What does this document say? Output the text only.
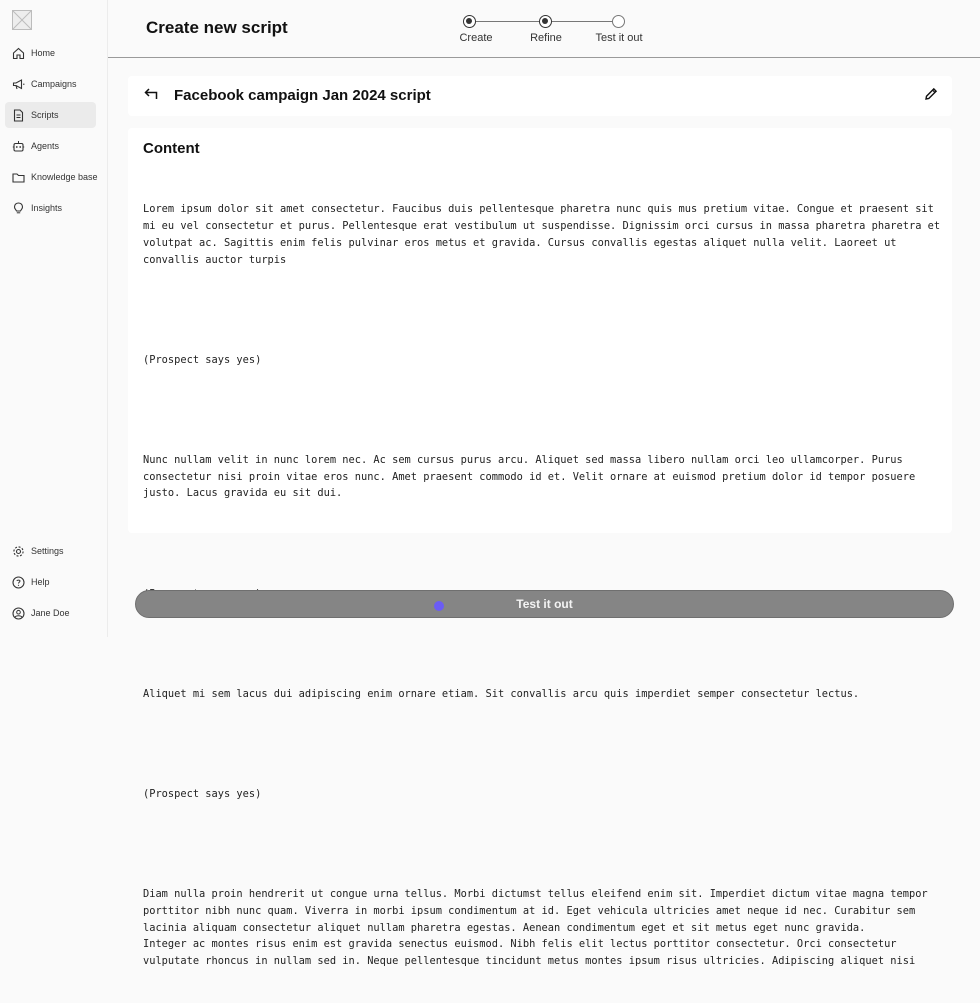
Home
Campaigns
Scripts
Agents
Knowledge base
Insights
Settings
Help
Jane Doe
Create new script
Create	Refine	Test it out
Facebook campaign Jan 2024 script
Content

Lorem ipsum dolor sit amet consectetur. Faucibus duis pellentesque pharetra nunc quis mus pretium vitae. Congue et praesent sit mi eu vel consectetur et purus. Pellentesque erat vestibulum ut suspendisse. Dignissim orci cursus in massa pharetra pharetra et volutpat ac. Sagittis enim felis pulvinar eros metus et gravida. Cursus convallis egestas aliquet nulla velit. Laoreet ut convallis auctor turpis

(Prospect says yes)

Nunc nullam velit in nunc lorem nec. Ac sem cursus purus arcu. Aliquet sed massa libero nullam orci leo ullamcorper. Purus consectetur nisi proin vitae eros nunc. Amet praesent commodo id et. Velit ornare at euismod pretium dolor id tempor posuere justo. Lacus gravida eu sit dui.

Aliquet mi sem lacus dui adipiscing enim ornare etiam. Sit convallis arcu quis imperdiet semper consectetur lectus.

(Prospect says yes)

Diam nulla proin hendrerit ut congue urna tellus. Morbi dictumst tellus eleifend enim sit. Imperdiet dictum vitae magna tempor porttitor nibh nunc quam. Viverra in morbi ipsum condimentum at id. Eget vehicula ultricies amet neque id nec. Curabitur sem lacinia aliquam consectetur aliquet nullam pharetra egestas. Aenean condimentum eget et sit metus eget nunc gravida.
Integer ac montes risus enim est gravida senectus euismod. Nibh felis elit lectus porttitor consectetur. Orci consectetur vulputate rhoncus in nullam sed in. Neque pellentesque tincidunt metus montes ipsum risus ultricies. Adipiscing aliquet nisi

Test it out
